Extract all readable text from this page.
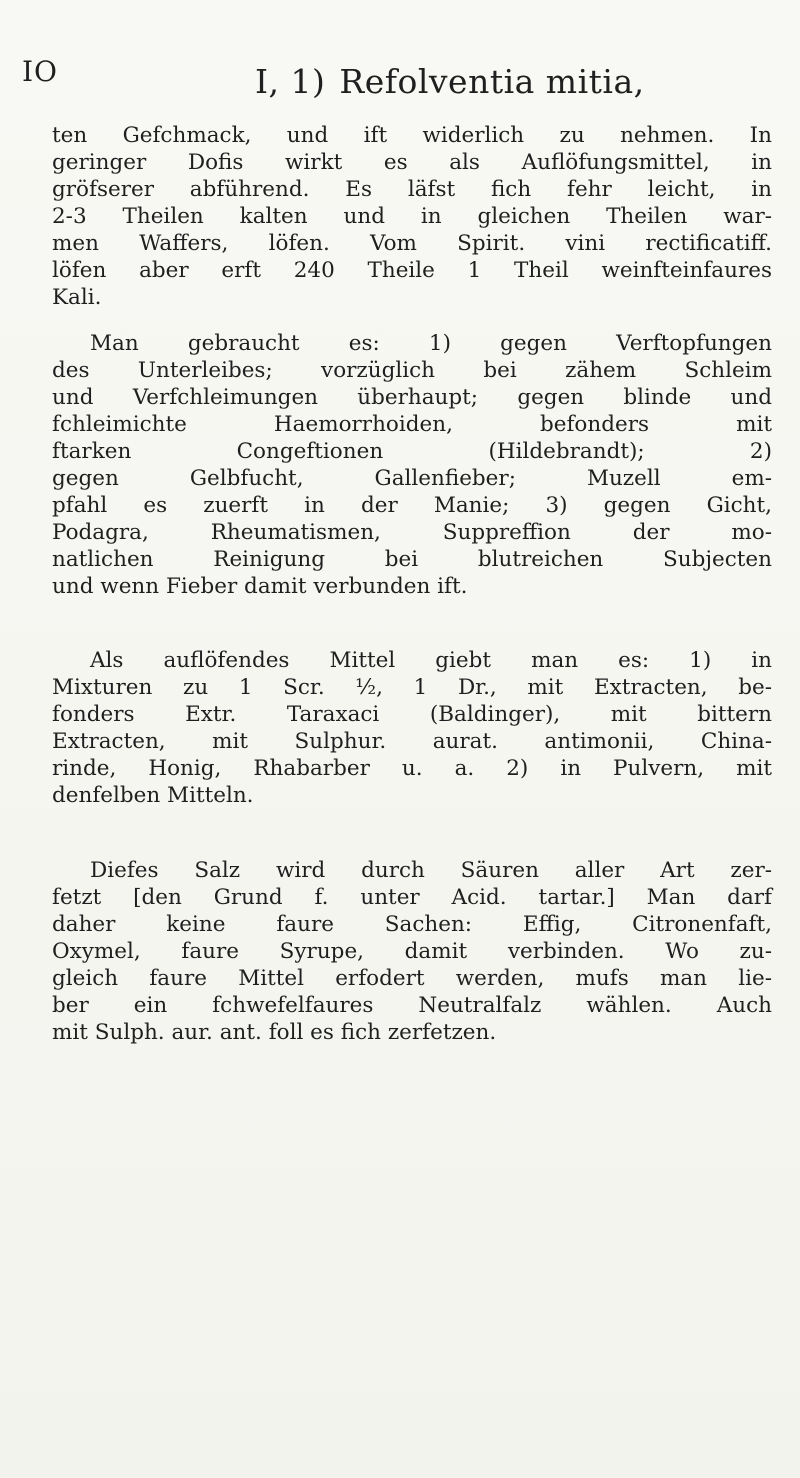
IO	I, 1) Refolventia mitia,
ten Gefchmack, und ift widerlich zu nehmen. In
geringer Dofis wirkt es als Auflöfungsmittel, in
gröfserer abführend. Es läfst fich fehr leicht, in
2-3 Theilen kalten und in gleichen Theilen war-
men Waffers, löfen. Vom Spirit. vini rectificatiff.
löfen aber erft 240 Theile 1 Theil weinfteinfaures
Kali.
Man gebraucht es: 1) gegen Verftopfungen
des Unterleibes; vorzüglich bei zähem Schleim
und Verfchleimungen überhaupt; gegen blinde und
fchleimichte Haemorrhoiden, befonders mit
ftarken Congeftionen (Hildebrandt); 2)
gegen Gelbfucht, Gallenfieber; Muzell em-
pfahl es zuerft in der Manie; 3) gegen Gicht,
Podagra, Rheumatismen, Suppreffion der mo-
natlichen Reinigung bei blutreichen Subjecten
und wenn Fieber damit verbunden ift.
Als auflöfendes Mittel giebt man es: 1) in
Mixturen zu 1 Scr. ½, 1 Dr., mit Extracten, be-
fonders Extr. Taraxaci (Baldinger), mit bittern
Extracten, mit Sulphur. aurat. antimonii, China-
rinde, Honig, Rhabarber u. a. 2) in Pulvern, mit
denfelben Mitteln.
Diefes Salz wird durch Säuren aller Art zer-
fetzt [den Grund f. unter Acid. tartar.] Man darf
daher keine faure Sachen: Effig, Citronenfaft,
Oxymel, faure Syrupe, damit verbinden. Wo zu-
gleich faure Mittel erfodert werden, mufs man lie-
ber ein fchwefelfaures Neutralfalz wählen. Auch
mit Sulph. aur. ant. foll es fich zerfetzen.
